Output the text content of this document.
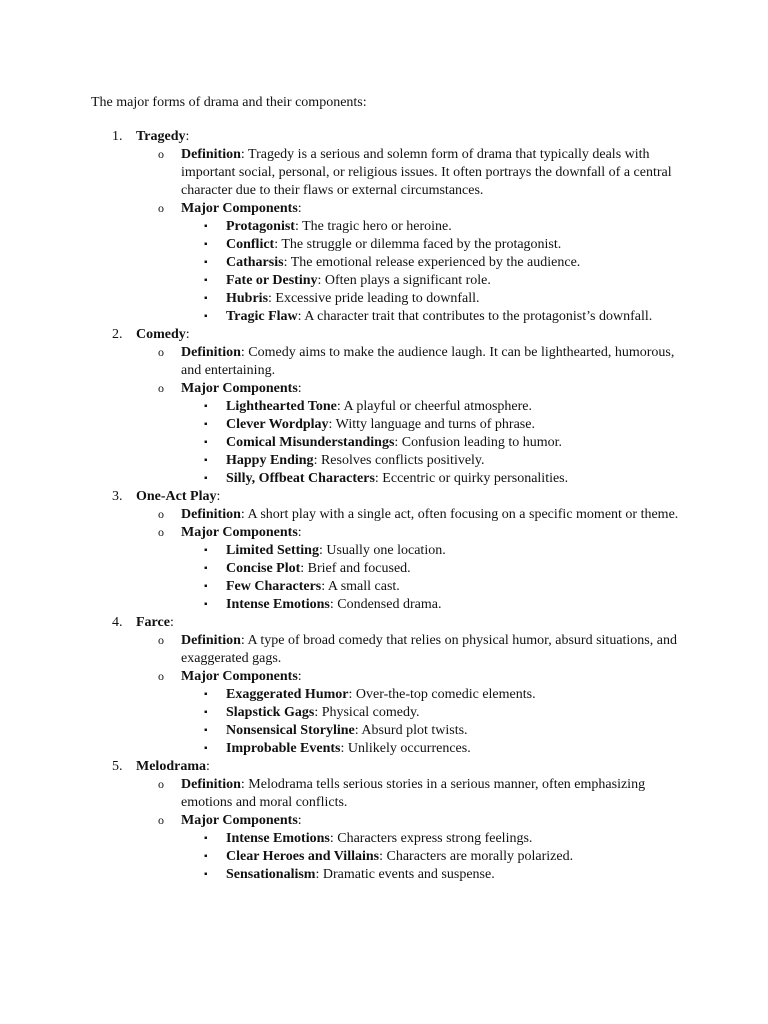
The major forms of drama and their components:
1. Tragedy:
o Definition: Tragedy is a serious and solemn form of drama that typically deals with important social, personal, or religious issues. It often portrays the downfall of a central character due to their flaws or external circumstances.
o Major Components:
▪ Protagonist: The tragic hero or heroine.
▪ Conflict: The struggle or dilemma faced by the protagonist.
▪ Catharsis: The emotional release experienced by the audience.
▪ Fate or Destiny: Often plays a significant role.
▪ Hubris: Excessive pride leading to downfall.
▪ Tragic Flaw: A character trait that contributes to the protagonist’s downfall.
2. Comedy:
o Definition: Comedy aims to make the audience laugh. It can be lighthearted, humorous, and entertaining.
o Major Components:
▪ Lighthearted Tone: A playful or cheerful atmosphere.
▪ Clever Wordplay: Witty language and turns of phrase.
▪ Comical Misunderstandings: Confusion leading to humor.
▪ Happy Ending: Resolves conflicts positively.
▪ Silly, Offbeat Characters: Eccentric or quirky personalities.
3. One-Act Play:
o Definition: A short play with a single act, often focusing on a specific moment or theme.
o Major Components:
▪ Limited Setting: Usually one location.
▪ Concise Plot: Brief and focused.
▪ Few Characters: A small cast.
▪ Intense Emotions: Condensed drama.
4. Farce:
o Definition: A type of broad comedy that relies on physical humor, absurd situations, and exaggerated gags.
o Major Components:
▪ Exaggerated Humor: Over-the-top comedic elements.
▪ Slapstick Gags: Physical comedy.
▪ Nonsensical Storyline: Absurd plot twists.
▪ Improbable Events: Unlikely occurrences.
5. Melodrama:
o Definition: Melodrama tells serious stories in a serious manner, often emphasizing emotions and moral conflicts.
o Major Components:
▪ Intense Emotions: Characters express strong feelings.
▪ Clear Heroes and Villains: Characters are morally polarized.
▪ Sensationalism: Dramatic events and suspense.
